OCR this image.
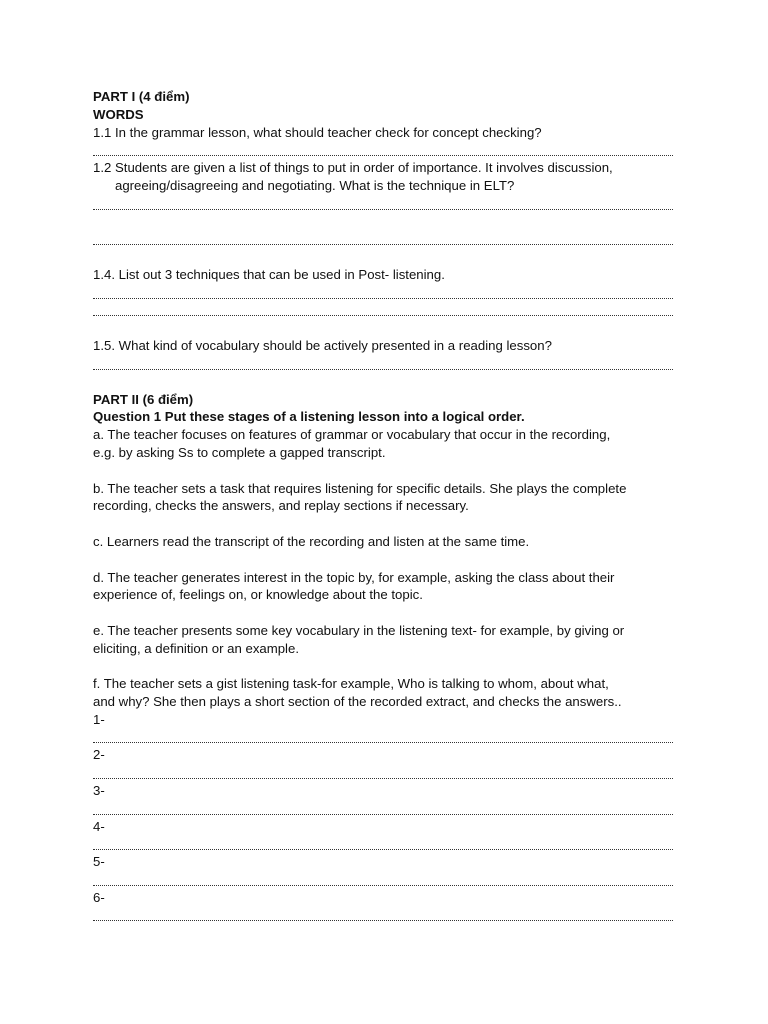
PART I (4 điểm)

WORDS

1.1 In the grammar lesson, what should teacher check for concept checking?

1.2 Students are given a list of things to put in order of importance. It involves discussion,

agreeing/disagreeing and negotiating. What is the technique in ELT?

1.4. List out 3 techniques that can be used in Post- listening.

1.5. What kind of vocabulary should be actively presented in a reading lesson?

PART II (6 điểm)

Question 1 Put these stages of a listening lesson into a logical order.

a. The teacher focuses on features of grammar or vocabulary that occur in the recording,

e.g. by asking Ss to complete a gapped transcript.

b. The teacher sets a task that requires listening for specific details. She plays the complete

recording, checks the answers, and replay sections if necessary.

c. Learners read the transcript of the recording and listen at the same time.

d. The teacher generates interest in the topic by, for example, asking the class about their

experience of, feelings on, or knowledge about the topic.

e. The teacher presents some key vocabulary in the listening text- for example, by giving or

eliciting, a definition or an example.

f. The teacher sets a gist listening task-for example, Who is talking to whom, about what,

and why? She then plays a short section of the recorded extract, and checks the answers..

1-

2-

3-

4-

5-

6-
